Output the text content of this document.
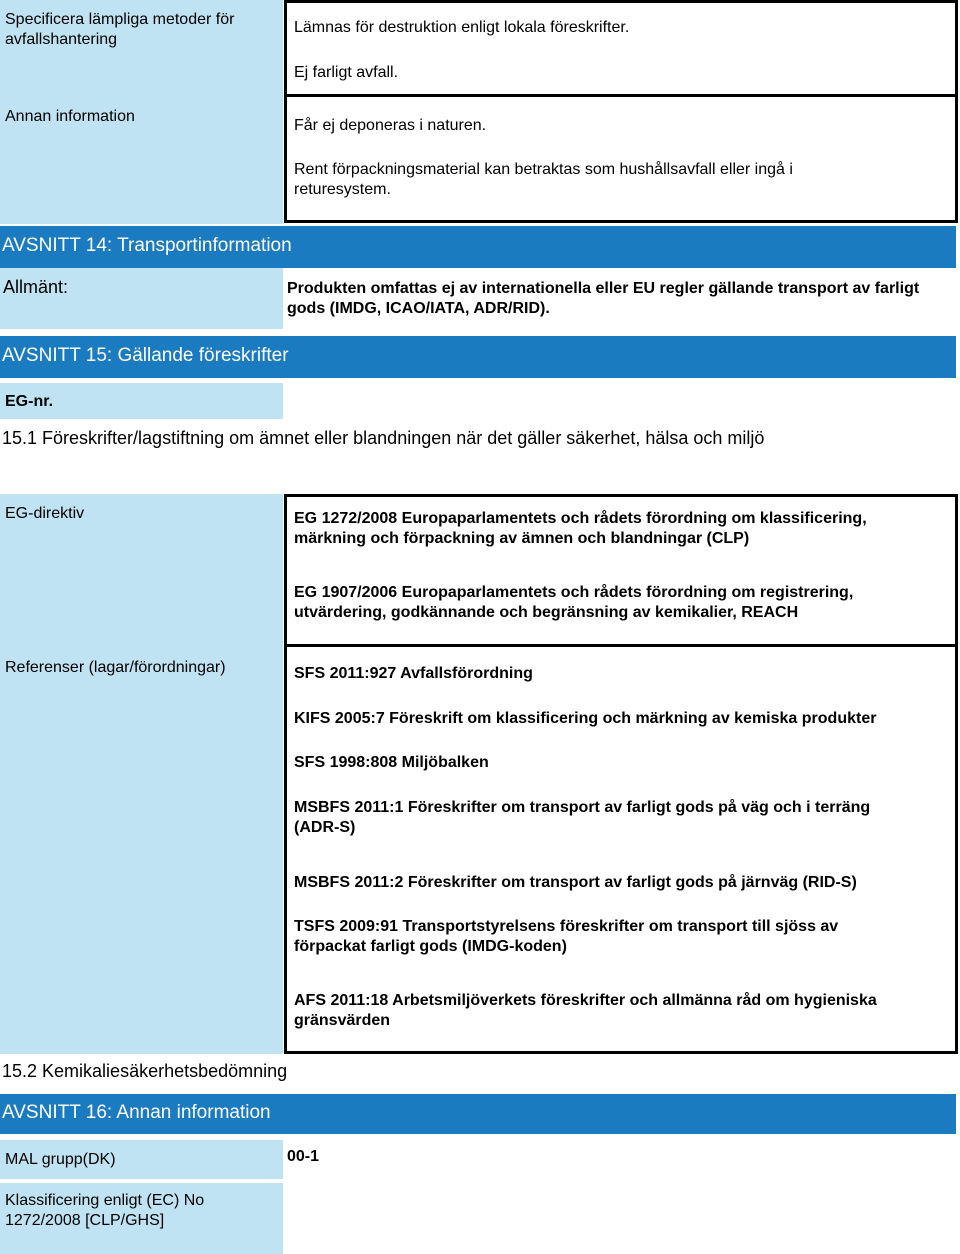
Specificera lämpliga metoder för avfallshantering
Annan information
Lämnas för destruktion enligt lokala föreskrifter.
Ej farligt avfall.
Får ej deponeras i naturen.
Rent förpackningsmaterial kan betraktas som hushållsavfall eller ingå i returesystem.
AVSNITT 14: Transportinformation
Allmänt:	Produkten omfattas ej av internationella eller EU regler gällande transport av farligt gods (IMDG, ICAO/IATA, ADR/RID).
AVSNITT 15: Gällande föreskrifter
EG-nr.
15.1 Föreskrifter/lagstiftning om ämnet eller blandningen när det gäller säkerhet, hälsa och miljö
EG-direktiv
Referenser (lagar/förordningar)
EG 1272/2008 Europaparlamentets och rådets förordning om klassificering, märkning och förpackning av ämnen och blandningar (CLP)
EG 1907/2006 Europaparlamentets och rådets förordning om registrering, utvärdering, godkännande och begränsning av kemikalier, REACH
SFS 2011:927 Avfallsförordning
KIFS 2005:7 Föreskrift om klassificering och märkning av kemiska produkter
SFS 1998:808 Miljöbalken
MSBFS 2011:1 Föreskrifter om transport av farligt gods på väg och i terräng (ADR-S)
MSBFS 2011:2 Föreskrifter om transport av farligt gods på järnväg (RID-S)
TSFS 2009:91 Transportstyrelsens föreskrifter om transport till sjöss av förpackat farligt gods (IMDG-koden)
AFS 2011:18 Arbetsmiljöverkets föreskrifter och allmänna råd om hygieniska gränsvärden
15.2 Kemikaliesäkerhetsbedömning
AVSNITT 16: Annan information
MAL grupp(DK)	00-1
Klassificering enligt (EC) No 1272/2008 [CLP/GHS]
